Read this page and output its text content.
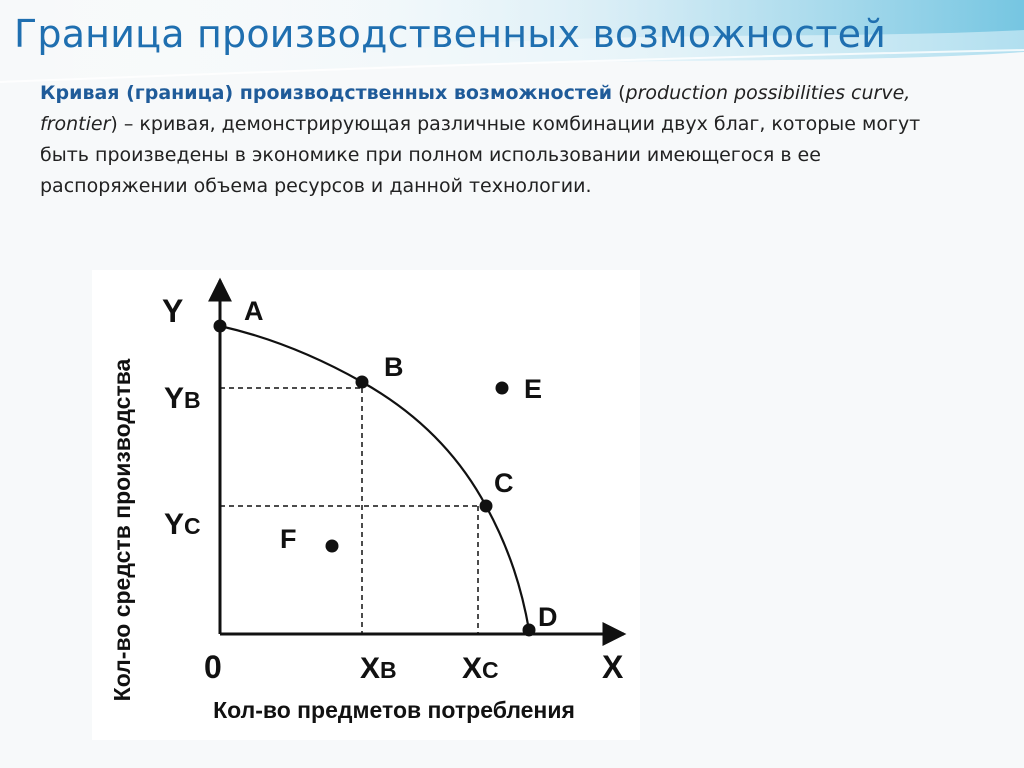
Граница производственных возможностей

Кривая (граница) производственных возможностей (production possibilities curve, frontier) – кривая, демонстрирующая различные комбинации двух благ, которые могут быть произведены в экономике при полном использовании имеющегося в ее распоряжении объема ресурсов и данной технологии.

A
B
C
D
E
F
Y
X
0
YB
YC
XB XC
Кол-во предметов потребления
Кол-во средств производства
